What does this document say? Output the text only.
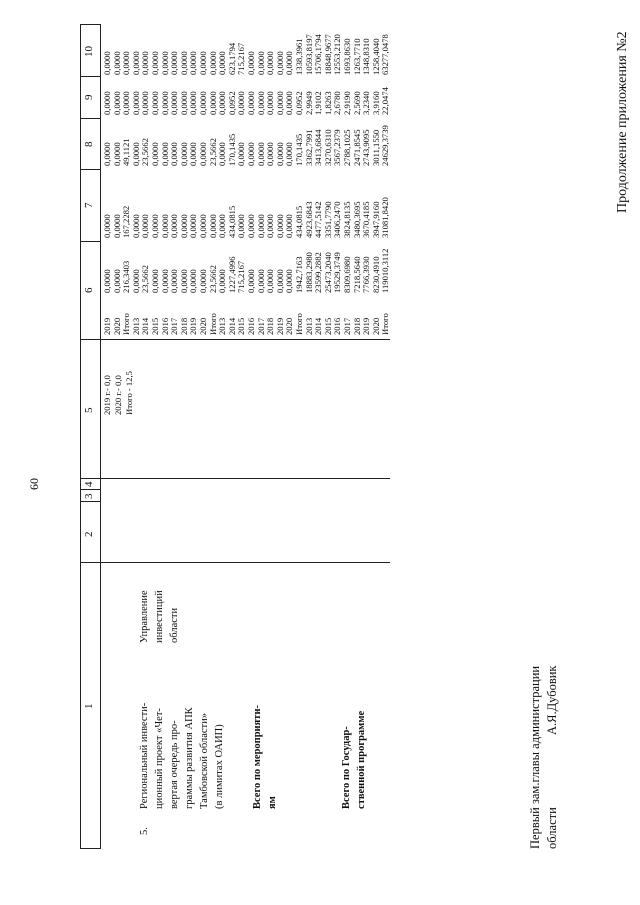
60
Продолжение приложения №2
1
2
3
4
5
6
7
8
9
10
5.
Региональный инвести- ционный проект «Чет- вертая очередь про- граммы развития АПК Тамбовской области» (в лимитах ОАИП)
Управление инвестиций области
2019 г.- 0,0 2020 г.- 0,0 Итого - 12,5
Всего по мероприяти- ям	Всего по Государ- ственной программе
2019
0,0000
0,0000
0,0000
0,0000
0,0000
2020
0,0000
0,0000
0,0000
0,0000
0,0000
Итого
216,3403
167,2282
49,1121
0,0000
0,0000
2013
0,0000
0,0000
0,0000
0,0000
0,0000
2014
23,5662
0,0000
23,5662
0,0000
0,0000
2015
0,0000
0,0000
0,0000
0,0000
0,0000
2016
0,0000
0,0000
0,0000
0,0000
0,0000
2017
0,0000
0,0000
0,0000
0,0000
0,0000
2018
0,0000
0,0000
0,0000
0,0000
0,0000
2019
0,0000
0,0000
0,0000
0,0000
0,0000
2020
0,0000
0,0000
0,0000
0,0000
0,0000
Итого
23,5662
0,0000
23,5662
0,0000
0,0000
2013
0,0000
0,0000
0,0000
0,0000
0,0000
2014
1227,4996
434,0815
170,1435
0,0952
623,1794
2015
715,2167
0,0000
0,0000
0,0000
715,2167
2016
0,0000
0,0000
0,0000
0,0000
0,0000
2017
0,0000
0,0000
0,0000
0,0000
0,0000
2018
0,0000
0,0000
0,0000
0,0000
0,0000
2019
0,0000
0,0000
0,0000
0,0000
0,0000
2020
0,0000
0,0000
0,0000
0,0000
0,0000
Итого
1942,7163
434,0815
170,1435
0,0952
1338,3961
2013
18883,2980
4923,6843
3362,7991
2,9949
10593,8197
2014
23599,2882
4477,5142
3413,6844
1,9102
15706,1794
2015
25473,2040
3351,7790
3270,6310
1,8263
18848,9677
2016
19529,3749
3406,2470
3567,2379
2,6780
12553,2120
2017
8309,6980
3824,8135
2788,1025
2,9190
1693,8630
2018
7218,5640
3480,3695
2471,8545
2,5690
1263,7710
2019
7766,3930
3670,4185
2743,9095
3,2340
1348,8310
2020
8230,4910
3947,9160
3011,1550
3,9160
1258,4040
Итого
119010,3112
31081,8420
24629,3739
22,0474
63277,0478
Первый зам.главы администрации области
А.Я.Дубовик
